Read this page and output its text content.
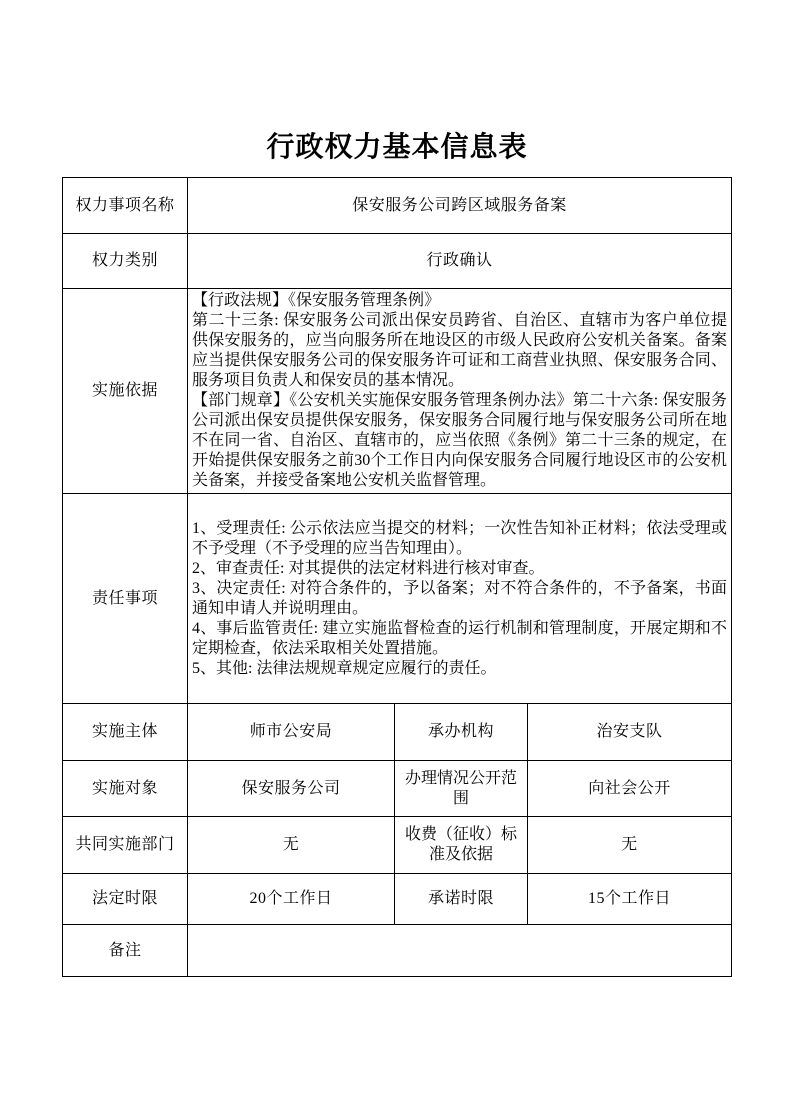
行政权力基本信息表
权力事项名称	保安服务公司跨区域服务备案		
权力类别	行政确认		
实施依据	【行政法规】《保安服务管理条例》
第二十三条: 保安服务公司派出保安员跨省、自治区、直辖市为客户单位提供保安服务的，应当向服务所在地设区的市级人民政府公安机关备案。备案应当提供保安服务公司的保安服务许可证和工商营业执照、保安服务合同、服务项目负责人和保安员的基本情况。
【部门规章】《公安机关实施保安服务管理条例办法》第二十六条: 保安服务公司派出保安员提供保安服务，保安服务合同履行地与保安服务公司所在地不在同一省、自治区、直辖市的，应当依照《条例》第二十三条的规定，在开始提供保安服务之前30个工作日内向保安服务合同履行地设区市的公安机关备案，并接受备案地公安机关监督管理。		

责任事项	1、受理责任: 公示依法应当提交的材料；一次性告知补正材料；依法受理或不予受理（不予受理的应当告知理由）。
2、审查责任: 对其提供的法定材料进行核对审查。
3、决定责任: 对符合条件的，予以备案；对不符合条件的，不予备案，书面通知申请人并说明理由。
4、事后监管责任: 建立实施监督检查的运行机制和管理制度，开展定期和不定期检查，依法采取相关处置措施。
5、其他: 法律法规规章规定应履行的责任。		

实施主体	师市公安局	承办机构	治安支队
实施对象	保安服务公司	办理情况公开范围	向社会公开
共同实施部门	无	收费（征收）标准及依据	无
法定时限	20个工作日	承诺时限	15个工作日
备注			
